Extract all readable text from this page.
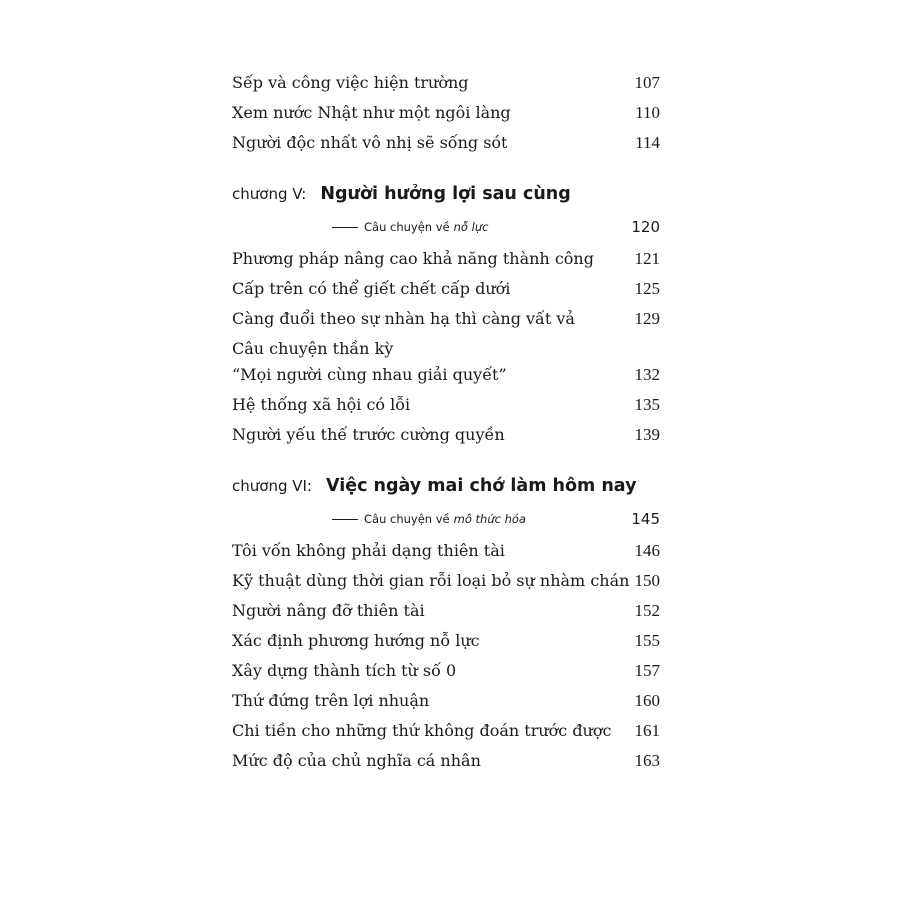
Sếp và công việc hiện trường	107
Xem nước Nhật như một ngôi làng	110
Người độc nhất vô nhị sẽ sống sót	114
chương V: Người hưởng lợi sau cùng
Câu chuyện về nỗ lực	120
Phương pháp nâng cao khả năng thành công 121
Cấp trên có thể giết chết cấp dưới	125
Càng đuổi theo sự nhàn hạ thì càng vất vả	129
Câu chuyện thần kỳ
“Mọi người cùng nhau giải quyết”	132
Hệ thống xã hội có lỗi	135
Người yếu thế trước cường quyền	139
chương VI: Việc ngày mai chớ làm hôm nay
Câu chuyện về mô thức hóa	145
Tôi vốn không phải dạng thiên tài	146
Kỹ thuật dùng thời gian rỗi loại bỏ sự nhàm chán 150
Người nâng đỡ thiên tài	152
Xác định phương hướng nỗ lực	155
Xây dựng thành tích từ số 0	157
Thứ đứng trên lợi nhuận	160
Chi tiền cho những thứ không đoán trước được 161
Mức độ của chủ nghĩa cá nhân	163
